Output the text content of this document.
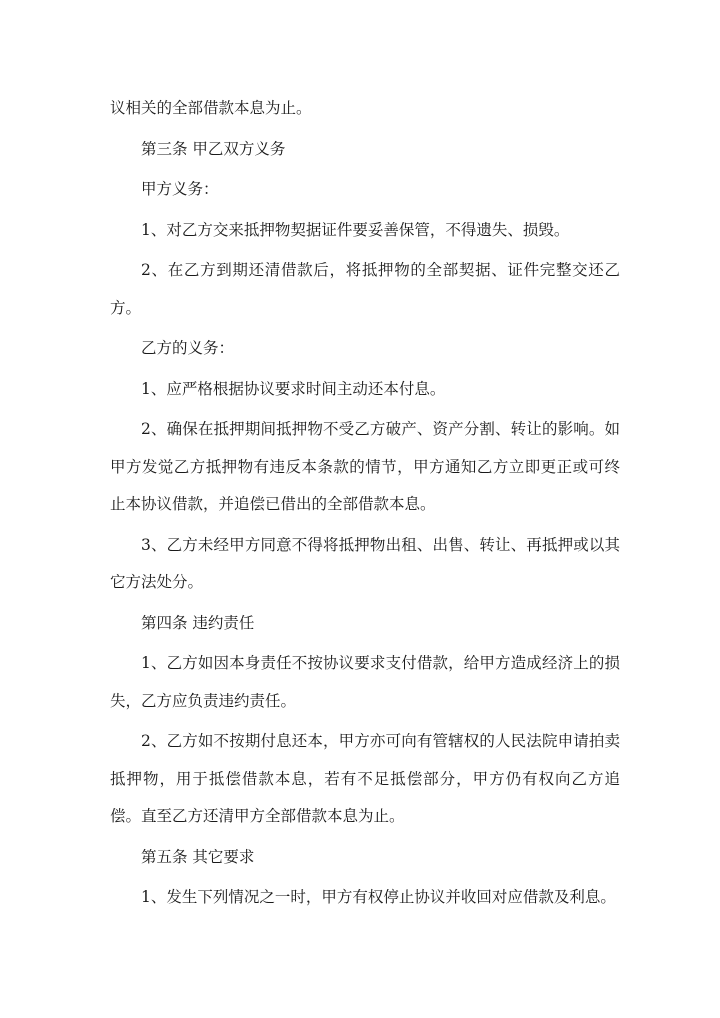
议相关的全部借款本息为止。

第三条 甲乙双方义务

甲方义务：

1、对乙方交来抵押物契据证件要妥善保管，不得遗失、损毁。

2、在乙方到期还清借款后，将抵押物的全部契据、证件完整交还乙方。

乙方的义务：

1、应严格根据协议要求时间主动还本付息。

2、确保在抵押期间抵押物不受乙方破产、资产分割、转让的影响。如甲方发觉乙方抵押物有违反本条款的情节，甲方通知乙方立即更正或可终止本协议借款，并追偿已借出的全部借款本息。

3、乙方未经甲方同意不得将抵押物出租、出售、转让、再抵押或以其它方法处分。

第四条 违约责任

1、乙方如因本身责任不按协议要求支付借款，给甲方造成经济上的损失，乙方应负责违约责任。

2、乙方如不按期付息还本，甲方亦可向有管辖权的人民法院申请拍卖抵押物，用于抵偿借款本息，若有不足抵偿部分，甲方仍有权向乙方追偿。直至乙方还清甲方全部借款本息为止。

第五条 其它要求

1、发生下列情况之一时，甲方有权停止协议并收回对应借款及利息。
